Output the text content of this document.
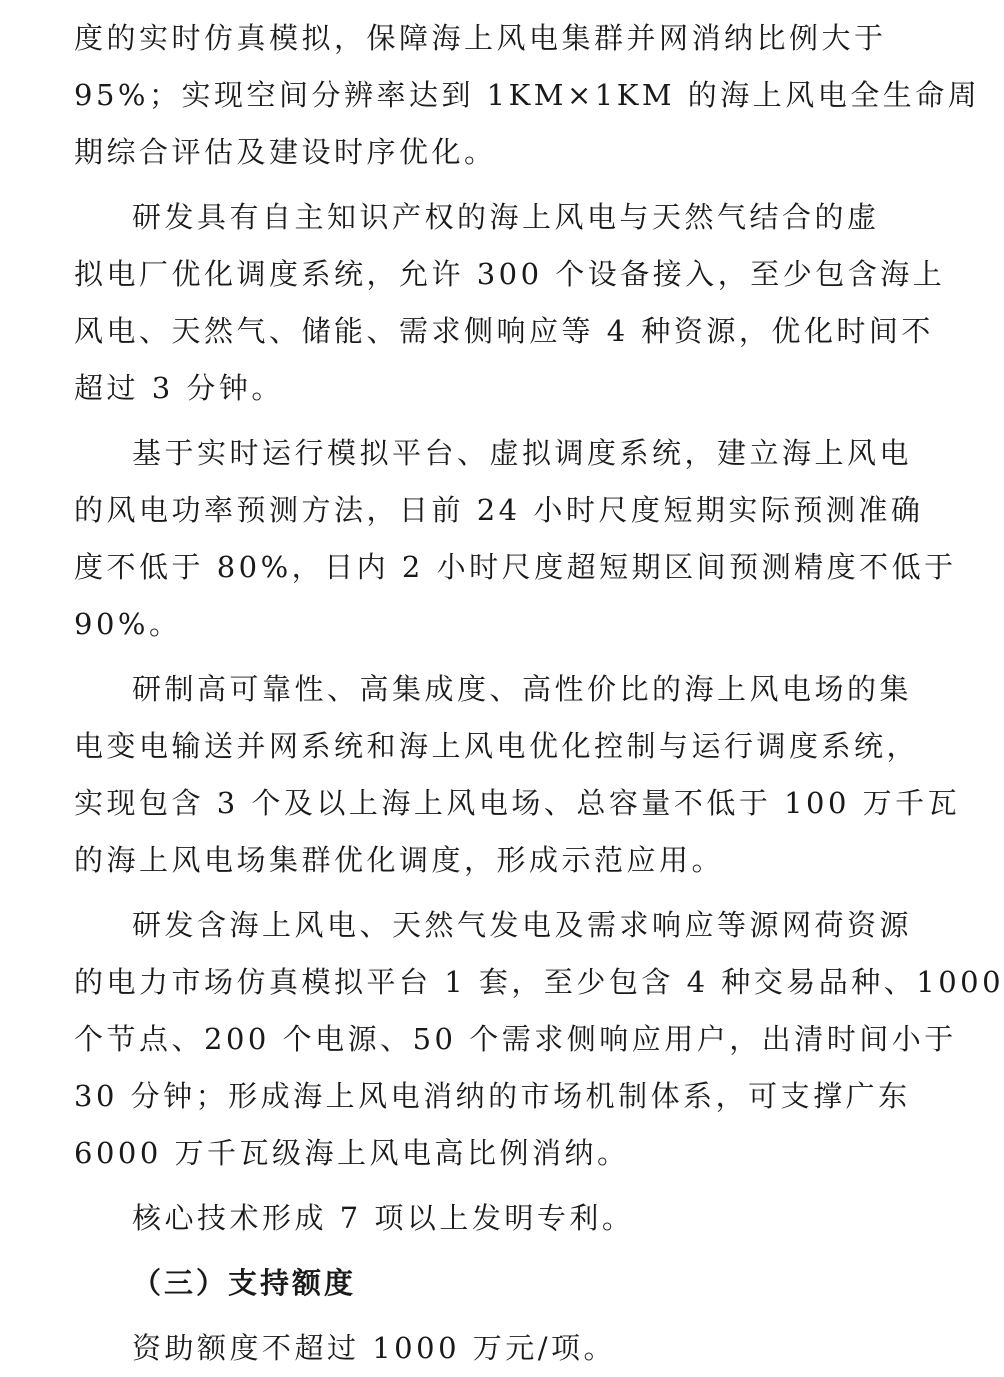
度的实时仿真模拟，保障海上风电集群并网消纳比例大于
95%；实现空间分辨率达到 1KM×1KM 的海上风电全生命周
期综合评估及建设时序优化。
研发具有自主知识产权的海上风电与天然气结合的虚
拟电厂优化调度系统，允许 300 个设备接入，至少包含海上
风电、天然气、储能、需求侧响应等 4 种资源，优化时间不
超过 3 分钟。
基于实时运行模拟平台、虚拟调度系统，建立海上风电
的风电功率预测方法，日前 24 小时尺度短期实际预测准确
度不低于 80%，日内 2 小时尺度超短期区间预测精度不低于
90%。
研制高可靠性、高集成度、高性价比的海上风电场的集
电变电输送并网系统和海上风电优化控制与运行调度系统，
实现包含 3 个及以上海上风电场、总容量不低于 100 万千瓦
的海上风电场集群优化调度，形成示范应用。
研发含海上风电、天然气发电及需求响应等源网荷资源
的电力市场仿真模拟平台 1 套，至少包含 4 种交易品种、1000
个节点、200 个电源、50 个需求侧响应用户，出清时间小于
30 分钟；形成海上风电消纳的市场机制体系，可支撑广东
6000 万千瓦级海上风电高比例消纳。
核心技术形成 7 项以上发明专利。
（三）支持额度
资助额度不超过 1000 万元/项。
